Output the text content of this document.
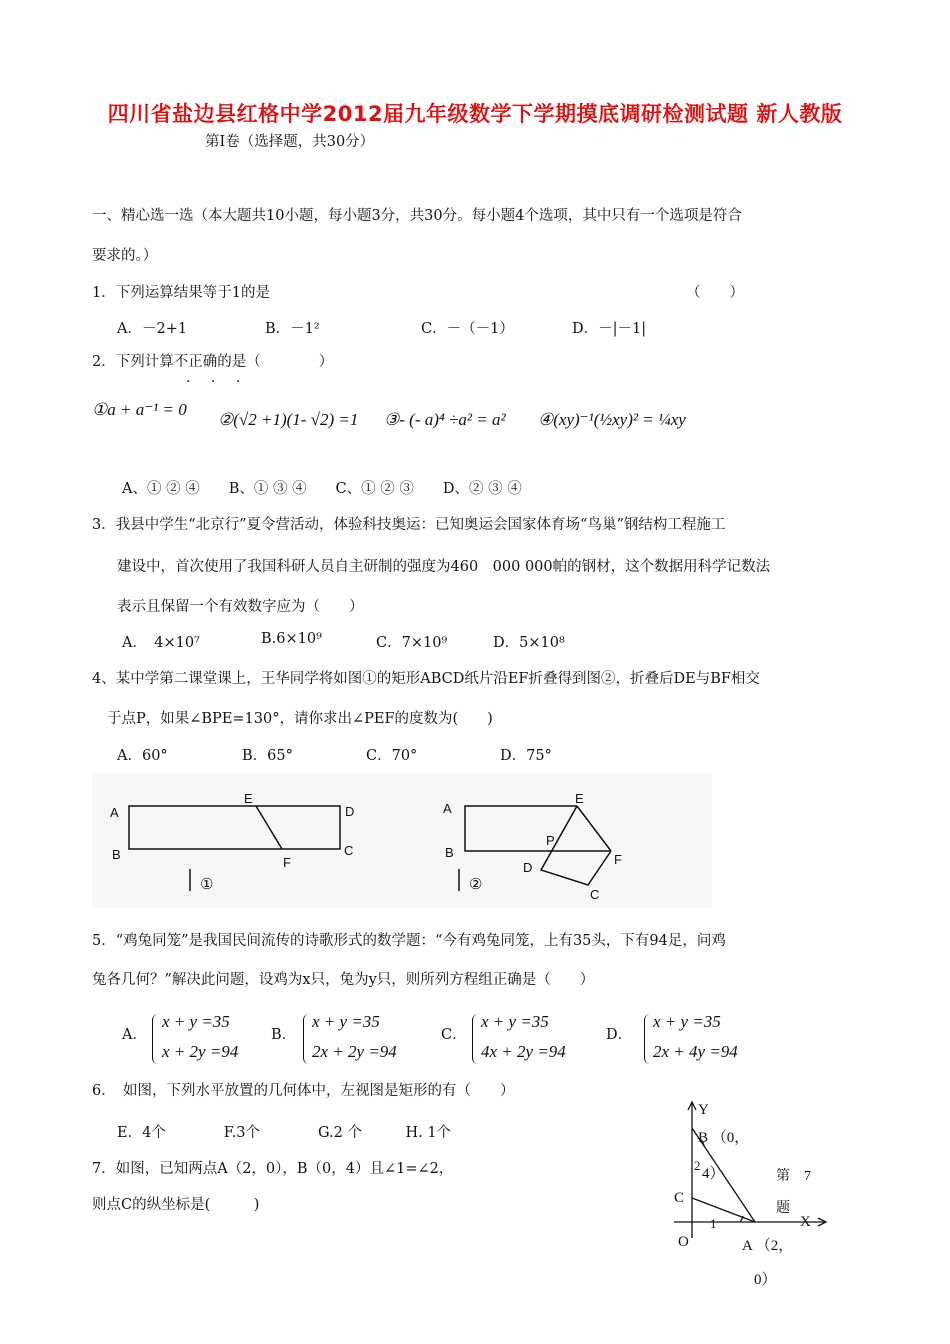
四川省盐边县红格中学2012届九年级数学下学期摸底调研检测试题 新人教版
第Ⅰ卷（选择题，共30分）
一、精心选一选（本大题共10小题，每小题3分，共30分。每小题4个选项，其中只有一个选项是符合
要求的。）
1．下列运算结果等于1的是	（　　）
A．－2+1	B．－1²	C．－（－1）	D．－|－1|
2．下列计算不正确的是（　　　　）
. . .
①a + a⁻¹ = 0
②(√2 +1)(1- √2) =1 ③- (- a)⁴ ÷a² = a² ④(xy)⁻¹(½xy)² = ¼xy
A、① ② ④　　B、① ③ ④　　C、① ② ③　　D、② ③ ④
3．我县中学生“北京行”夏令营活动，体验科技奥运：已知奥运会国家体育场“鸟巢”钢结构工程施工
建设中，首次使用了我国科研人员自主研制的强度为460　000 000帕的钢材，这个数据用科学记数法
表示且保留一个有效数字应为（　　）
A．　4×10⁷	B.6×10⁹	C．7×10⁹	D．5×10⁸
4、某中学第二课堂课上，王华同学将如图①的矩形ABCD纸片沿EF折叠得到图②，折叠后DE与BF相交
于点P，如果∠BPE=130°，请你求出∠PEF的度数为(　　)
A．60°	B．65°	C．70°	D．75°
A
B	C
D
E
F
①
A
B
E
P
F
D
C
②
5．“鸡兔同笼”是我国民间流传的诗歌形式的数学题：“今有鸡兔同笼，上有35头，下有94足，问鸡
兔各几何？”解决此问题，设鸡为x只，兔为y只，则所列方程组正确是（　　）
A．
x + y =35
x + 2y =94
B．
x + y =35
2x + 2y =94
C．
x + y =35
4x + 2y =94
D．
x + y =35
2x + 4y =94
6．　如图，下列水平放置的几何体中，左视图是矩形的有（　　）
E．4个　　　　F.3个　　　　G.2 个　　　H. 1个
7．如图，已知两点A（2，0），B（0，4）且∠1=∠2，
则点C的纵坐标是(　　　)
Y
X
O
C
B （0，
4）
2
1
A （2，
0）
第　7
题
